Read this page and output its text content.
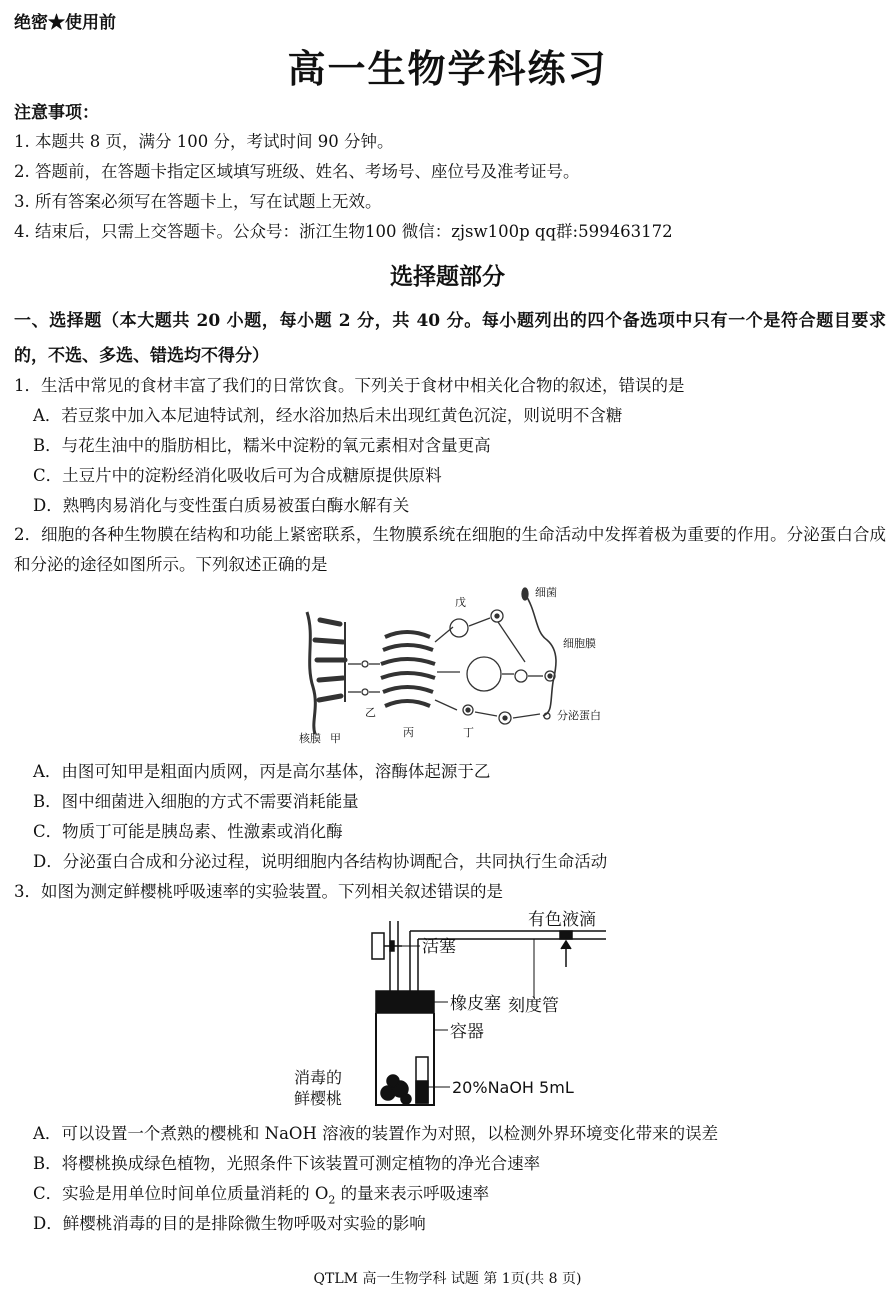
绝密★使用前
高一生物学科练习
注意事项：
1. 本题共 8 页，满分 100 分，考试时间 90 分钟。
2. 答题前，在答题卡指定区域填写班级、姓名、考场号、座位号及准考证号。
3. 所有答案必须写在答题卡上，写在试题上无效。
4. 结束后，只需上交答题卡。公众号：浙江生物100 微信：zjsw100p qq群:599463172
选择题部分
一、选择题（本大题共 20 小题，每小题 2 分，共 40 分。每小题列出的四个备选项中只有一个是符合题目要求的，不选、多选、错选均不得分）
1．生活中常见的食材丰富了我们的日常饮食。下列关于食材中相关化合物的叙述，错误的是
A．若豆浆中加入本尼迪特试剂，经水浴加热后未出现红黄色沉淀，则说明不含糖
B．与花生油中的脂肪相比，糯米中淀粉的氧元素相对含量更高
C．土豆片中的淀粉经消化吸收后可为合成糖原提供原料
D．熟鸭肉易消化与变性蛋白质易被蛋白酶水解有关
2．细胞的各种生物膜在结构和功能上紧密联系，生物膜系统在细胞的生命活动中发挥着极为重要的作用。分泌蛋白合成和分泌的途径如图所示。下列叙述正确的是
戊
细菌
细胞膜
分泌蛋白
核膜 甲
乙
丙	丁
A．由图可知甲是粗面内质网，丙是高尔基体，溶酶体起源于乙
B．图中细菌进入细胞的方式不需要消耗能量
C．物质丁可能是胰岛素、性激素或消化酶
D．分泌蛋白合成和分泌过程，说明细胞内各结构协调配合，共同执行生命活动
3．如图为测定鲜樱桃呼吸速率的实验装置。下列相关叙述错误的是
活塞
有色液滴
橡皮塞 刻度管
容器
消毒的
鲜樱桃
20%NaOH 5mL
A．可以设置一个煮熟的樱桃和 NaOH 溶液的装置作为对照，以检测外界环境变化带来的误差
B．将樱桃换成绿色植物，光照条件下该装置可测定植物的净光合速率
C．实验是用单位时间单位质量消耗的 $O_2$ 的量来表示呼吸速率
D．鲜樱桃消毒的目的是排除微生物呼吸对实验的影响
QTLM 高一生物学科 试题 第 1页(共 8 页)
